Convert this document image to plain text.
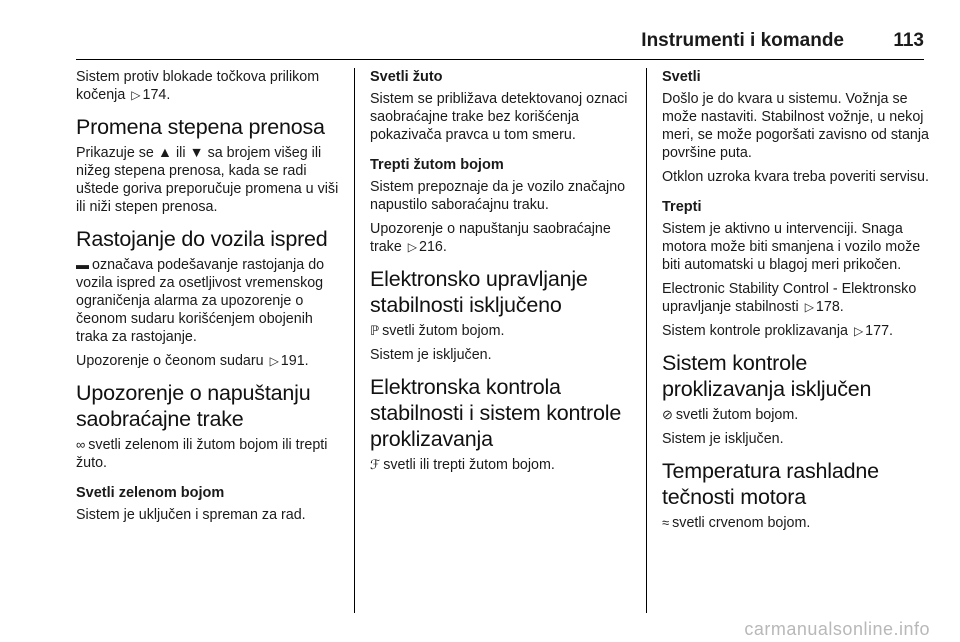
Instrumenti i komande	113

Sistem protiv blokade točkova prilikom kočenja ▷ 174.

Promena stepena prenosa

Prikazuje se ▲ ili ▼ sa brojem višeg ili nižeg stepena prenosa, kada se radi uštede goriva preporučuje promena u viši ili niži stepen prenosa.

Rastojanje do vozila ispred

▬ označava podešavanje rastojanja do vozila ispred za osetljivost vremenskog ograničenja alarma za upozorenje o čeonom sudaru korišćenjem obojenih traka za rastojanje.

Upozorenje o čeonom sudaru ▷ 191.

Upozorenje o napuštanju saobraćajne trake

∞ svetli zelenom ili žutom bojom ili trepti žuto.

Svetli zelenom bojom

Sistem je uključen i spreman za rad.

Svetli žuto

Sistem se približava detektovanoj oznaci saobraćajne trake bez korišćenja pokazivača pravca u tom smeru.

Trepti žutom bojom

Sistem prepoznaje da je vozilo značajno napustilo saboraćajnu traku.

Upozorenje o napuštanju saobraćajne trake ▷ 216.

Elektronsko upravljanje stabilnosti isključeno

ℙ svetli žutom bojom.

Sistem je isključen.

Elektronska kontrola stabilnosti i sistem kontrole proklizavanja

ℱ svetli ili trepti žutom bojom.

Svetli

Došlo je do kvara u sistemu. Vožnja se može nastaviti. Stabilnost vožnje, u nekoj meri, se može pogoršati zavisno od stanja površine puta.

Otklon uzroka kvara treba poveriti servisu.

Trepti

Sistem je aktivno u intervenciji. Snaga motora može biti smanjena i vozilo može biti automatski u blagoj meri prikočen.

Electronic Stability Control - Elektronsko upravljanje stabilnosti ▷ 178.

Sistem kontrole proklizavanja ▷ 177.

Sistem kontrole proklizavanja isključen

⊘ svetli žutom bojom.

Sistem je isključen.

Temperatura rashladne tečnosti motora

≈ svetli crvenom bojom.

carmanualsonline.info
